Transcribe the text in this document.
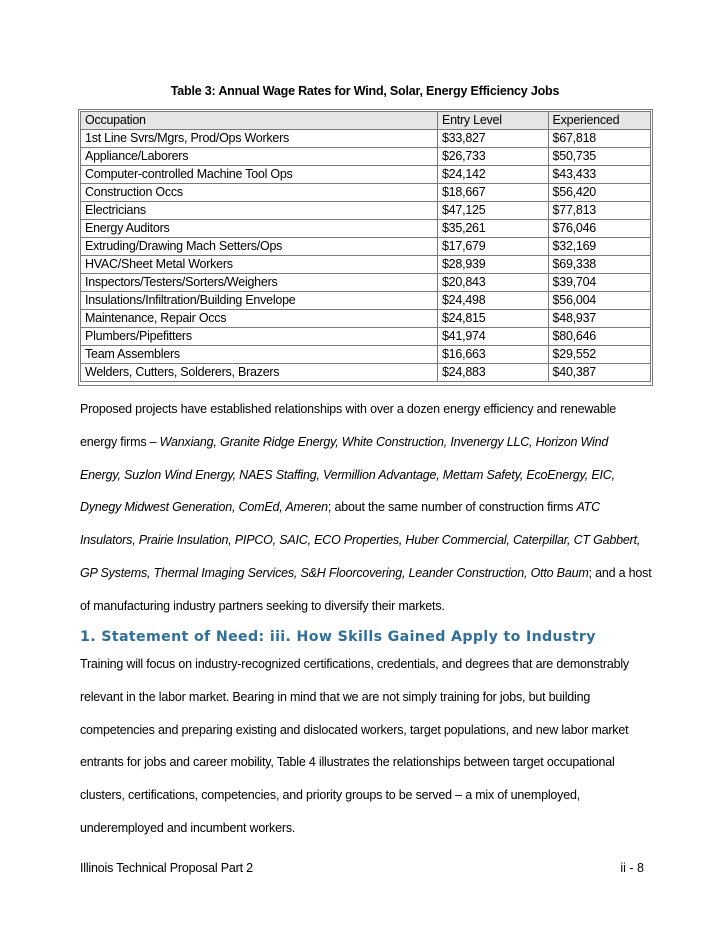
Table 3: Annual Wage Rates for Wind, Solar, Energy Efficiency Jobs
Occupation	Entry Level	Experienced
1st Line Svrs/Mgrs, Prod/Ops Workers	$33,827	$67,818
Appliance/Laborers	$26,733	$50,735
Computer-controlled Machine Tool Ops	$24,142	$43,433
Construction Occs	$18,667	$56,420
Electricians	$47,125	$77,813
Energy Auditors	$35,261	$76,046
Extruding/Drawing Mach Setters/Ops	$17,679	$32,169
HVAC/Sheet Metal Workers	$28,939	$69,338
Inspectors/Testers/Sorters/Weighers	$20,843	$39,704
Insulations/Infiltration/Building Envelope	$24,498	$56,004
Maintenance, Repair Occs	$24,815	$48,937
Plumbers/Pipefitters	$41,974	$80,646
Team Assemblers	$16,663	$29,552
Welders, Cutters, Solderers, Brazers	$24,883	$40,387

Proposed projects have established relationships with over a dozen energy efficiency and renewable
energy firms – Wanxiang, Granite Ridge Energy, White Construction, Invenergy LLC, Horizon Wind
Energy, Suzlon Wind Energy, NAES Staffing, Vermillion Advantage, Mettam Safety, EcoEnergy, EIC,
Dynegy Midwest Generation, ComEd, Ameren; about the same number of construction firms ATC
Insulators, Prairie Insulation, PIPCO, SAIC, ECO Properties, Huber Commercial, Caterpillar, CT Gabbert,
GP Systems, Thermal Imaging Services, S&H Floorcovering, Leander Construction, Otto Baum; and a host
of manufacturing industry partners seeking to diversify their markets.

1. Statement of Need: iii. How Skills Gained Apply to Industry

Training will focus on industry-recognized certifications, credentials, and degrees that are demonstrably
relevant in the labor market. Bearing in mind that we are not simply training for jobs, but building
competencies and preparing existing and dislocated workers, target populations, and new labor market
entrants for jobs and career mobility, Table 4 illustrates the relationships between target occupational
clusters, certifications, competencies, and priority groups to be served – a mix of unemployed,
underemployed and incumbent workers.

Illinois Technical Proposal Part 2	ii - 8
